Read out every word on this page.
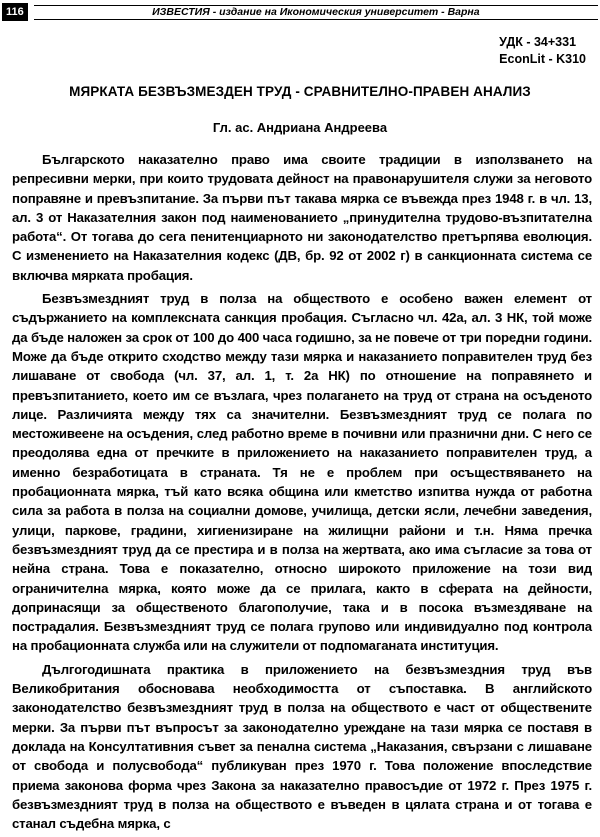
116	ИЗВЕСТИЯ - издание на Икономическия университет - Варна
УДК - 34+331
EconLit - K310
МЯРКАТА БЕЗВЪЗМЕЗДЕН ТРУД - СРАВНИТЕЛНО-ПРАВЕН АНАЛИЗ
Гл. ас. Андриана Андреева

Българското наказателно право има своите традиции в използването на репресивни мерки, при които трудовата дейност на правонарушителя служи за неговото поправяне и превъзпитание. За първи път такава мярка се въвежда през 1948 г. в чл. 13, ал. 3 от Наказателния закон под наименованието „принудителна трудово-възпитателна работа“. От тогава до сега пенитенциарното ни законодателство претърпява еволюция. С изменението на Наказателния кодекс (ДВ, бр. 92 от 2002 г) в санкционната система се включва мярката пробация.

Безвъзмездният труд в полза на обществото е особено важен елемент от съдържанието на комплексната санкция пробация. Съгласно чл. 42а, ал. 3 НК, той може да бъде наложен за срок от 100 до 400 часа годишно, за не повече от три поредни години. Може да бъде открито сходство между тази мярка и наказанието поправителен труд без лишаване от свобода (чл. 37, ал. 1, т. 2а НК) по отношение на поправянето и превъзпитанието, което им се възлага, чрез полагането на труд от страна на осъденото лице. Различията между тях са значителни. Безвъзмездният труд се полага по местоживеене на осъдения, след работно време в почивни или празнични дни. С него се преодолява една от пречките в приложението на наказанието поправителен труд, а именно безработицата в страната. Тя не е проблем при осъществяването на пробационната мярка, тъй като всяка община или кметство изпитва нужда от работна сила за работа в полза на социални домове, училища, детски ясли, лечебни заведения, улици, паркове, градини, хигиенизиране на жилищни райони и т.н. Няма пречка безвъзмездният труд да се престира и в полза на жертвата, ако има съгласие за това от нейна страна. Това е показателно, относно широкото приложение на този вид ограничителна мярка, която може да се прилага, както в сферата на дейности, допринасящи за общественото благополучие, така и в посока възмездяване на пострадалия. Безвъзмездният труд се полага групово или индивидуално под контрола на пробационната служба или на служители от подпомаганата институция.

Дългогодишната практика в приложението на безвъзмездния труд във Великобритания обосновава необходимостта от съпоставка. В английското законодателство безвъзмездният труд в полза на обществото е част от обществените мерки. За първи път въпросът за законодателно уреждане на тази мярка се поставя в доклада на Консултативния съвет за пенална система „Наказания, свързани с лишаване от свобода и полусвобода“ публикуван през 1970 г. Това положение впоследствие приема законова форма чрез Закона за наказателно правосъдие от 1972 г. През 1975 г. безвъзмездният труд в полза на обществото е въведен в цялата страна и от тогава е станал съдебна мярка, с
